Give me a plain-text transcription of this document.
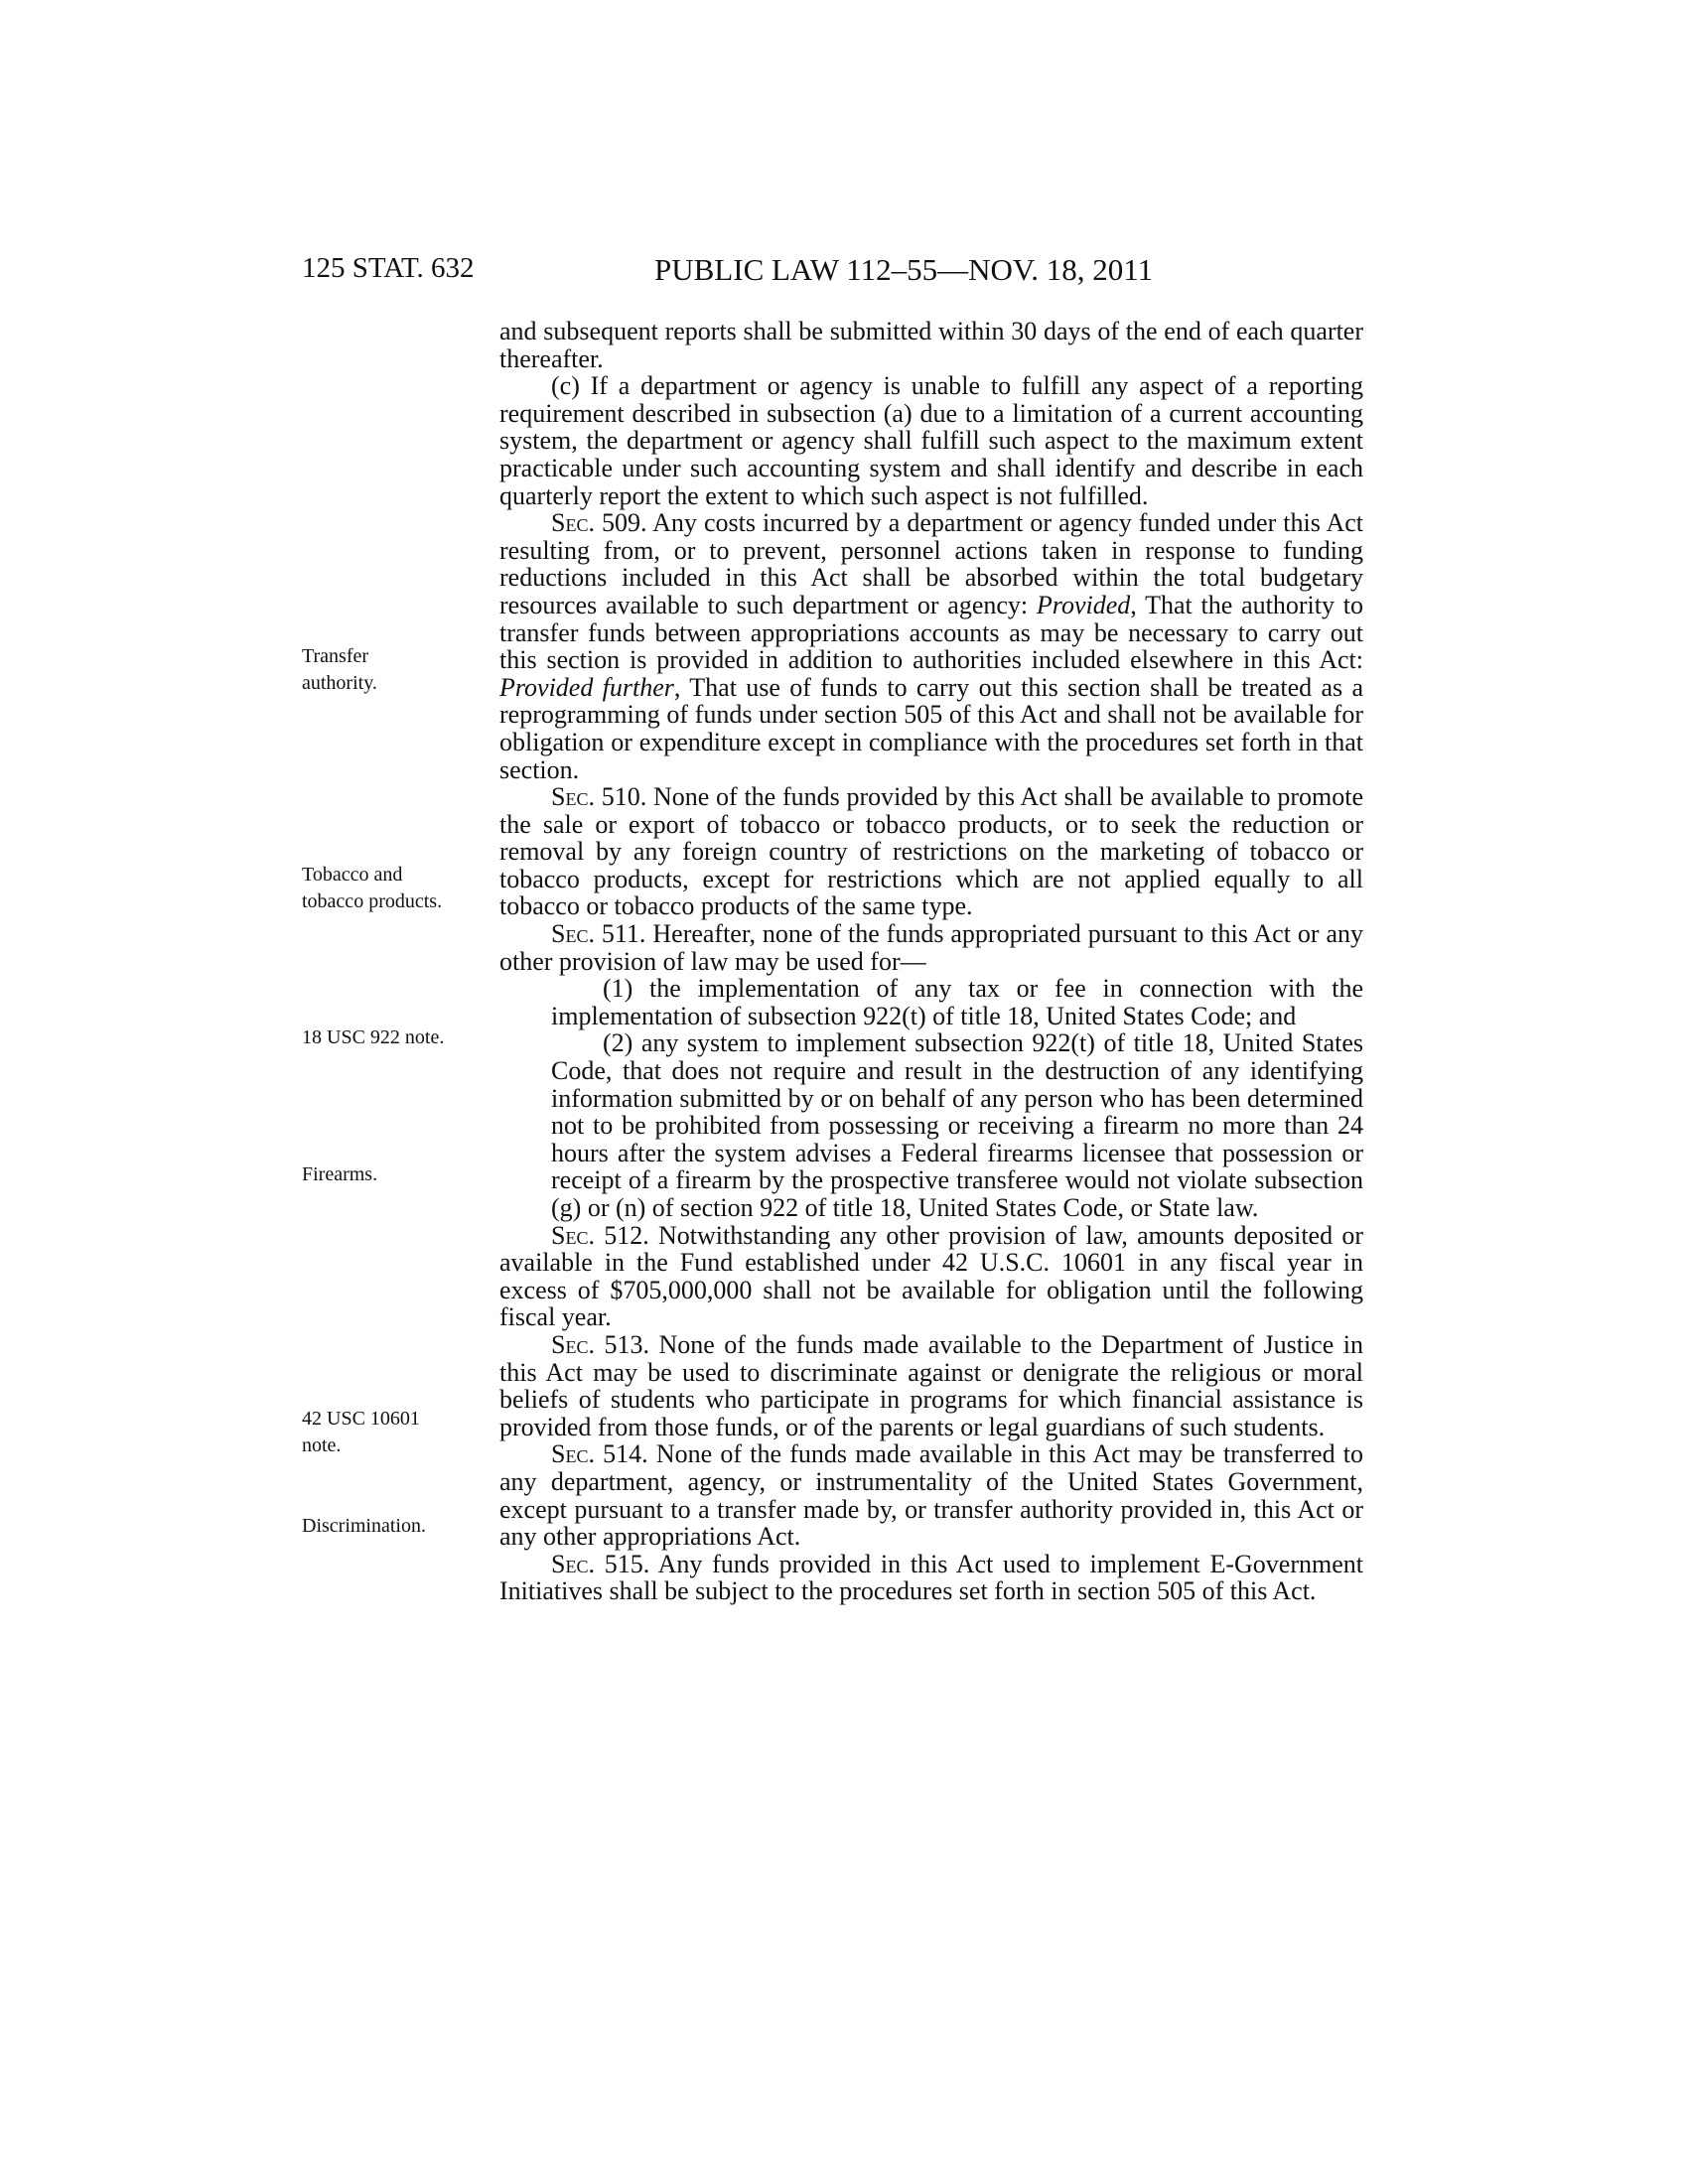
125 STAT. 632	PUBLIC LAW 112–55—NOV. 18, 2011
Transfer
authority.
Tobacco and
tobacco products.
18 USC 922 note.
Firearms.
42 USC 10601
note.
Discrimination.

and subsequent reports shall be submitted within 30 days of the end of each quarter thereafter.

(c) If a department or agency is unable to fulfill any aspect of a reporting requirement described in subsection (a) due to a limitation of a current accounting system, the department or agency shall fulfill such aspect to the maximum extent practicable under such accounting system and shall identify and describe in each quarterly report the extent to which such aspect is not fulfilled.

Sec. 509. Any costs incurred by a department or agency funded under this Act resulting from, or to prevent, personnel actions taken in response to funding reductions included in this Act shall be absorbed within the total budgetary resources available to such department or agency: Provided, That the authority to transfer funds between appropriations accounts as may be necessary to carry out this section is provided in addition to authorities included elsewhere in this Act: Provided further, That use of funds to carry out this section shall be treated as a reprogramming of funds under section 505 of this Act and shall not be available for obligation or expenditure except in compliance with the procedures set forth in that section.

Sec. 510. None of the funds provided by this Act shall be available to promote the sale or export of tobacco or tobacco products, or to seek the reduction or removal by any foreign country of restrictions on the marketing of tobacco or tobacco products, except for restrictions which are not applied equally to all tobacco or tobacco products of the same type.

Sec. 511. Hereafter, none of the funds appropriated pursuant to this Act or any other provision of law may be used for—

(1) the implementation of any tax or fee in connection with the implementation of subsection 922(t) of title 18, United States Code; and

(2) any system to implement subsection 922(t) of title 18, United States Code, that does not require and result in the destruction of any identifying information submitted by or on behalf of any person who has been determined not to be prohibited from possessing or receiving a firearm no more than 24 hours after the system advises a Federal firearms licensee that possession or receipt of a firearm by the prospective transferee would not violate subsection (g) or (n) of section 922 of title 18, United States Code, or State law.

Sec. 512. Notwithstanding any other provision of law, amounts deposited or available in the Fund established under 42 U.S.C. 10601 in any fiscal year in excess of $705,000,000 shall not be available for obligation until the following fiscal year.

Sec. 513. None of the funds made available to the Department of Justice in this Act may be used to discriminate against or denigrate the religious or moral beliefs of students who participate in programs for which financial assistance is provided from those funds, or of the parents or legal guardians of such students.

Sec. 514. None of the funds made available in this Act may be transferred to any department, agency, or instrumentality of the United States Government, except pursuant to a transfer made by, or transfer authority provided in, this Act or any other appropriations Act.

Sec. 515. Any funds provided in this Act used to implement E-Government Initiatives shall be subject to the procedures set forth in section 505 of this Act.
